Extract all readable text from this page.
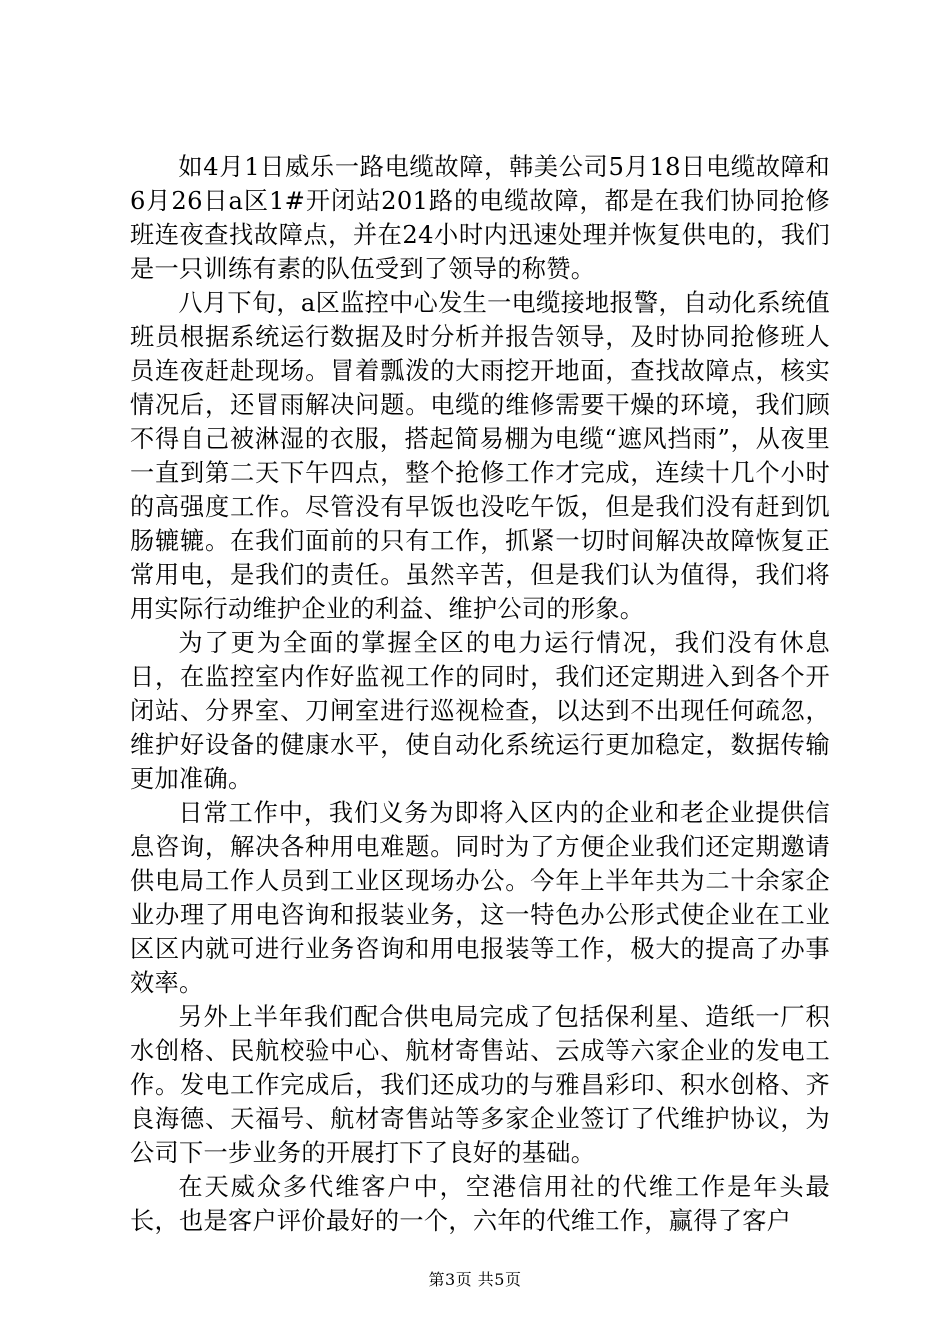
如4月1日威乐一路电缆故障，韩美公司5月18日电缆故障和6月26日a区1#开闭站201路的电缆故障，都是在我们协同抢修班连夜查找故障点，并在24小时内迅速处理并恢复供电的，我们是一只训练有素的队伍受到了领导的称赞。

八月下旬，a区监控中心发生一电缆接地报警，自动化系统值班员根据系统运行数据及时分析并报告领导，及时协同抢修班人员连夜赶赴现场。冒着瓢泼的大雨挖开地面，查找故障点，核实情况后，还冒雨解决问题。电缆的维修需要干燥的环境，我们顾不得自己被淋湿的衣服，搭起简易棚为电缆“遮风挡雨”，从夜里一直到第二天下午四点，整个抢修工作才完成，连续十几个小时的高强度工作。尽管没有早饭也没吃午饭，但是我们没有赶到饥肠辘辘。在我们面前的只有工作，抓紧一切时间解决故障恢复正常用电，是我们的责任。虽然辛苦，但是我们认为值得，我们将用实际行动维护企业的利益、维护公司的形象。

为了更为全面的掌握全区的电力运行情况，我们没有休息日，在监控室内作好监视工作的同时，我们还定期进入到各个开闭站、分界室、刀闸室进行巡视检查，以达到不出现任何疏忽，维护好设备的健康水平，使自动化系统运行更加稳定，数据传输更加准确。

日常工作中，我们义务为即将入区内的企业和老企业提供信息咨询，解决各种用电难题。同时为了方便企业我们还定期邀请供电局工作人员到工业区现场办公。今年上半年共为二十余家企业办理了用电咨询和报装业务，这一特色办公形式使企业在工业区区内就可进行业务咨询和用电报装等工作，极大的提高了办事效率。

另外上半年我们配合供电局完成了包括保利星、造纸一厂积水创格、民航校验中心、航材寄售站、云成等六家企业的发电工作。发电工作完成后，我们还成功的与雅昌彩印、积水创格、齐良海德、天福号、航材寄售站等多家企业签订了代维护协议，为公司下一步业务的开展打下了良好的基础。

在天威众多代维客户中，空港信用社的代维工作是年头最长，也是客户评价最好的一个，六年的代维工作，赢得了客户

第3页 共5页
